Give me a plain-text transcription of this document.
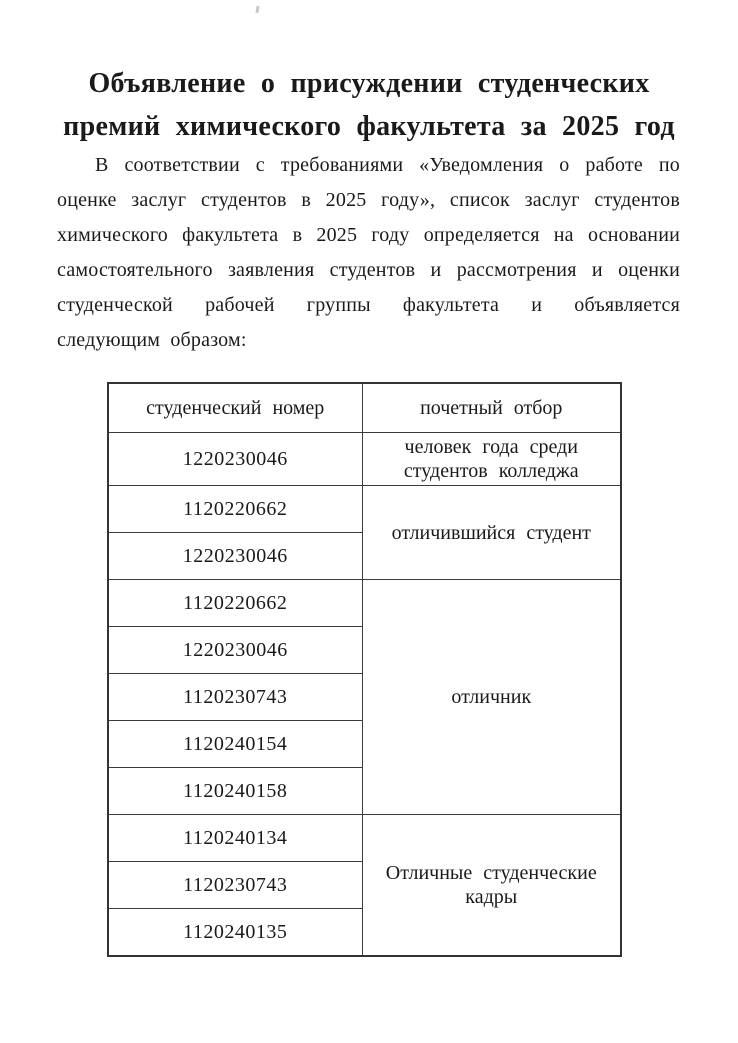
Объявление о присуждении студенческих
премий химического факультета за 2025 год
В соответствии с требованиями «Уведомления о работе по
оценке заслуг студентов в 2025 году», список заслуг студентов
химического факультета в 2025 году определяется на основании
самостоятельного заявления студентов и рассмотрения и оценки
студенческой рабочей группы факультета и объявляется
следующим образом:
студенческий номер	почетный отбор
1220230046	человек года среди студентов колледжа
1120220662	отличившийся студент
1220230046	
1120220662	отличник
1220230046	
1120230743	
1120240154	
1120240158	
1120240134	Отличные студенческие кадры
1120230743	
1120240135	
